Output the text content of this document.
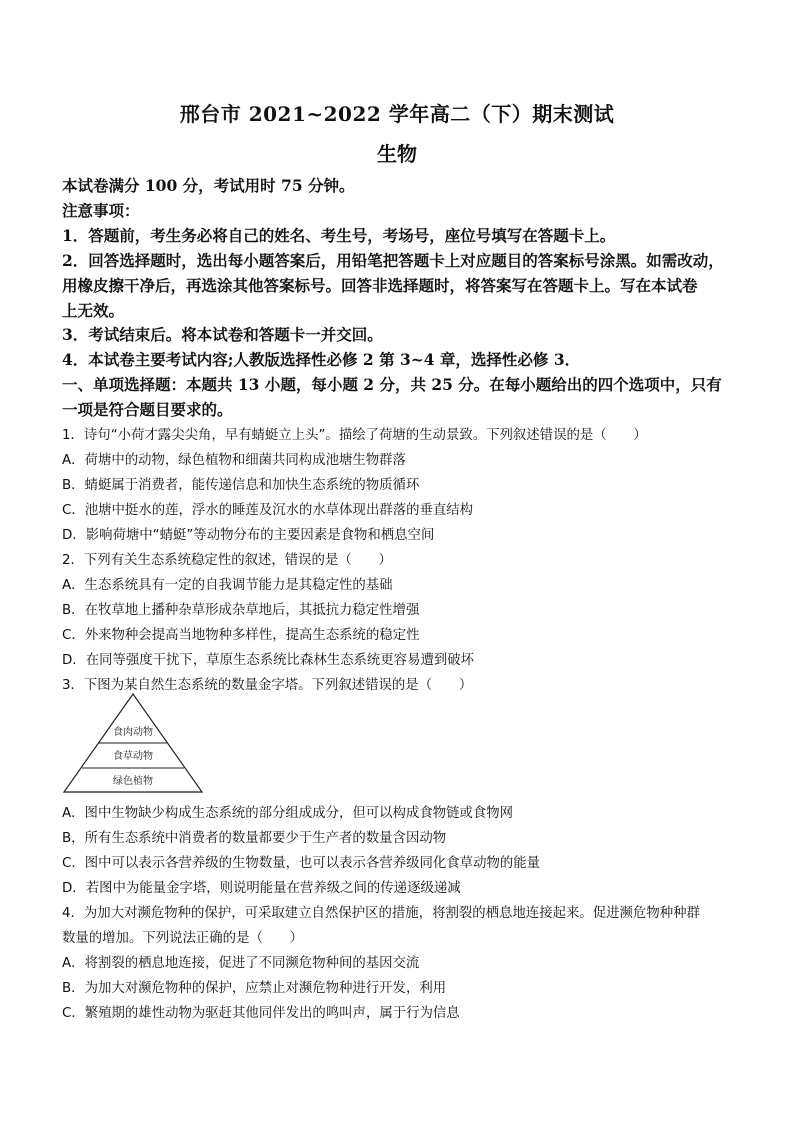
邢台市 2021~2022 学年高二（下）期末测试
生物
本试卷满分 100 分，考试用时 75 分钟。
注意事项：
1．答题前，考生务必将自己的姓名、考生号，考场号，座位号填写在答题卡上。
2．回答选择题时，选出每小题答案后，用铅笔把答题卡上对应题目的答案标号涂黑。如需改动，
用橡皮擦干净后，再选涂其他答案标号。回答非选择题时，将答案写在答题卡上。写在本试卷
上无效。
3．考试结束后。将本试卷和答题卡一并交回。
4．本试卷主要考试内容;人教版选择性必修 2 第 3~4 章，选择性必修 3．
一、单项选择题：本题共 13 小题，每小题 2 分，共 25 分。在每小题给出的四个选项中，只有
一项是符合题目要求的。
1．诗句“小荷才露尖尖角，早有蜻蜓立上头”。描绘了荷塘的生动景致。下列叙述错误的是（　　）
A．荷塘中的动物，绿色植物和细菌共同构成池塘生物群落
B．蜻蜓属于消费者，能传递信息和加快生态系统的物质循环
C．池塘中挺水的莲，浮水的睡莲及沉水的水草体现出群落的垂直结构
D．影响荷塘中“蜻蜓”等动物分布的主要因素是食物和栖息空间
2．下列有关生态系统稳定性的叙述，错误的是（　　）
A．生态系统具有一定的自我调节能力是其稳定性的基础
B．在牧草地上播种杂草形成杂草地后，其抵抗力稳定性增强
C．外来物种会提高当地物种多样性，提高生态系统的稳定性
D．在同等强度干扰下，草原生态系统比森林生态系统更容易遭到破坏
3．下图为某自然生态系统的数量金字塔。下列叙述错误的是（　　）
食肉动物
食草动物
绿色植物
A．图中生物缺少构成生态系统的部分组成成分，但可以构成食物链或食物网
B，所有生态系统中消费者的数量都要少于生产者的数量含因动物
C．图中可以表示各营养级的生物数量，也可以表示各营养级同化食草动物的能量
D．若图中为能量金字塔，则说明能量在营养级之间的传递逐级递减
4．为加大对濒危物种的保护，可采取建立自然保护区的措施，将割裂的栖息地连接起来。促进濒危物种种群
数量的增加。下列说法正确的是（　　）
A．将割裂的栖息地连接，促进了不同濒危物种间的基因交流
B．为加大对濒危物种的保护，应禁止对濒危物种进行开发，利用
C．繁殖期的雄性动物为驱赶其他同伴发出的鸣叫声，属于行为信息
